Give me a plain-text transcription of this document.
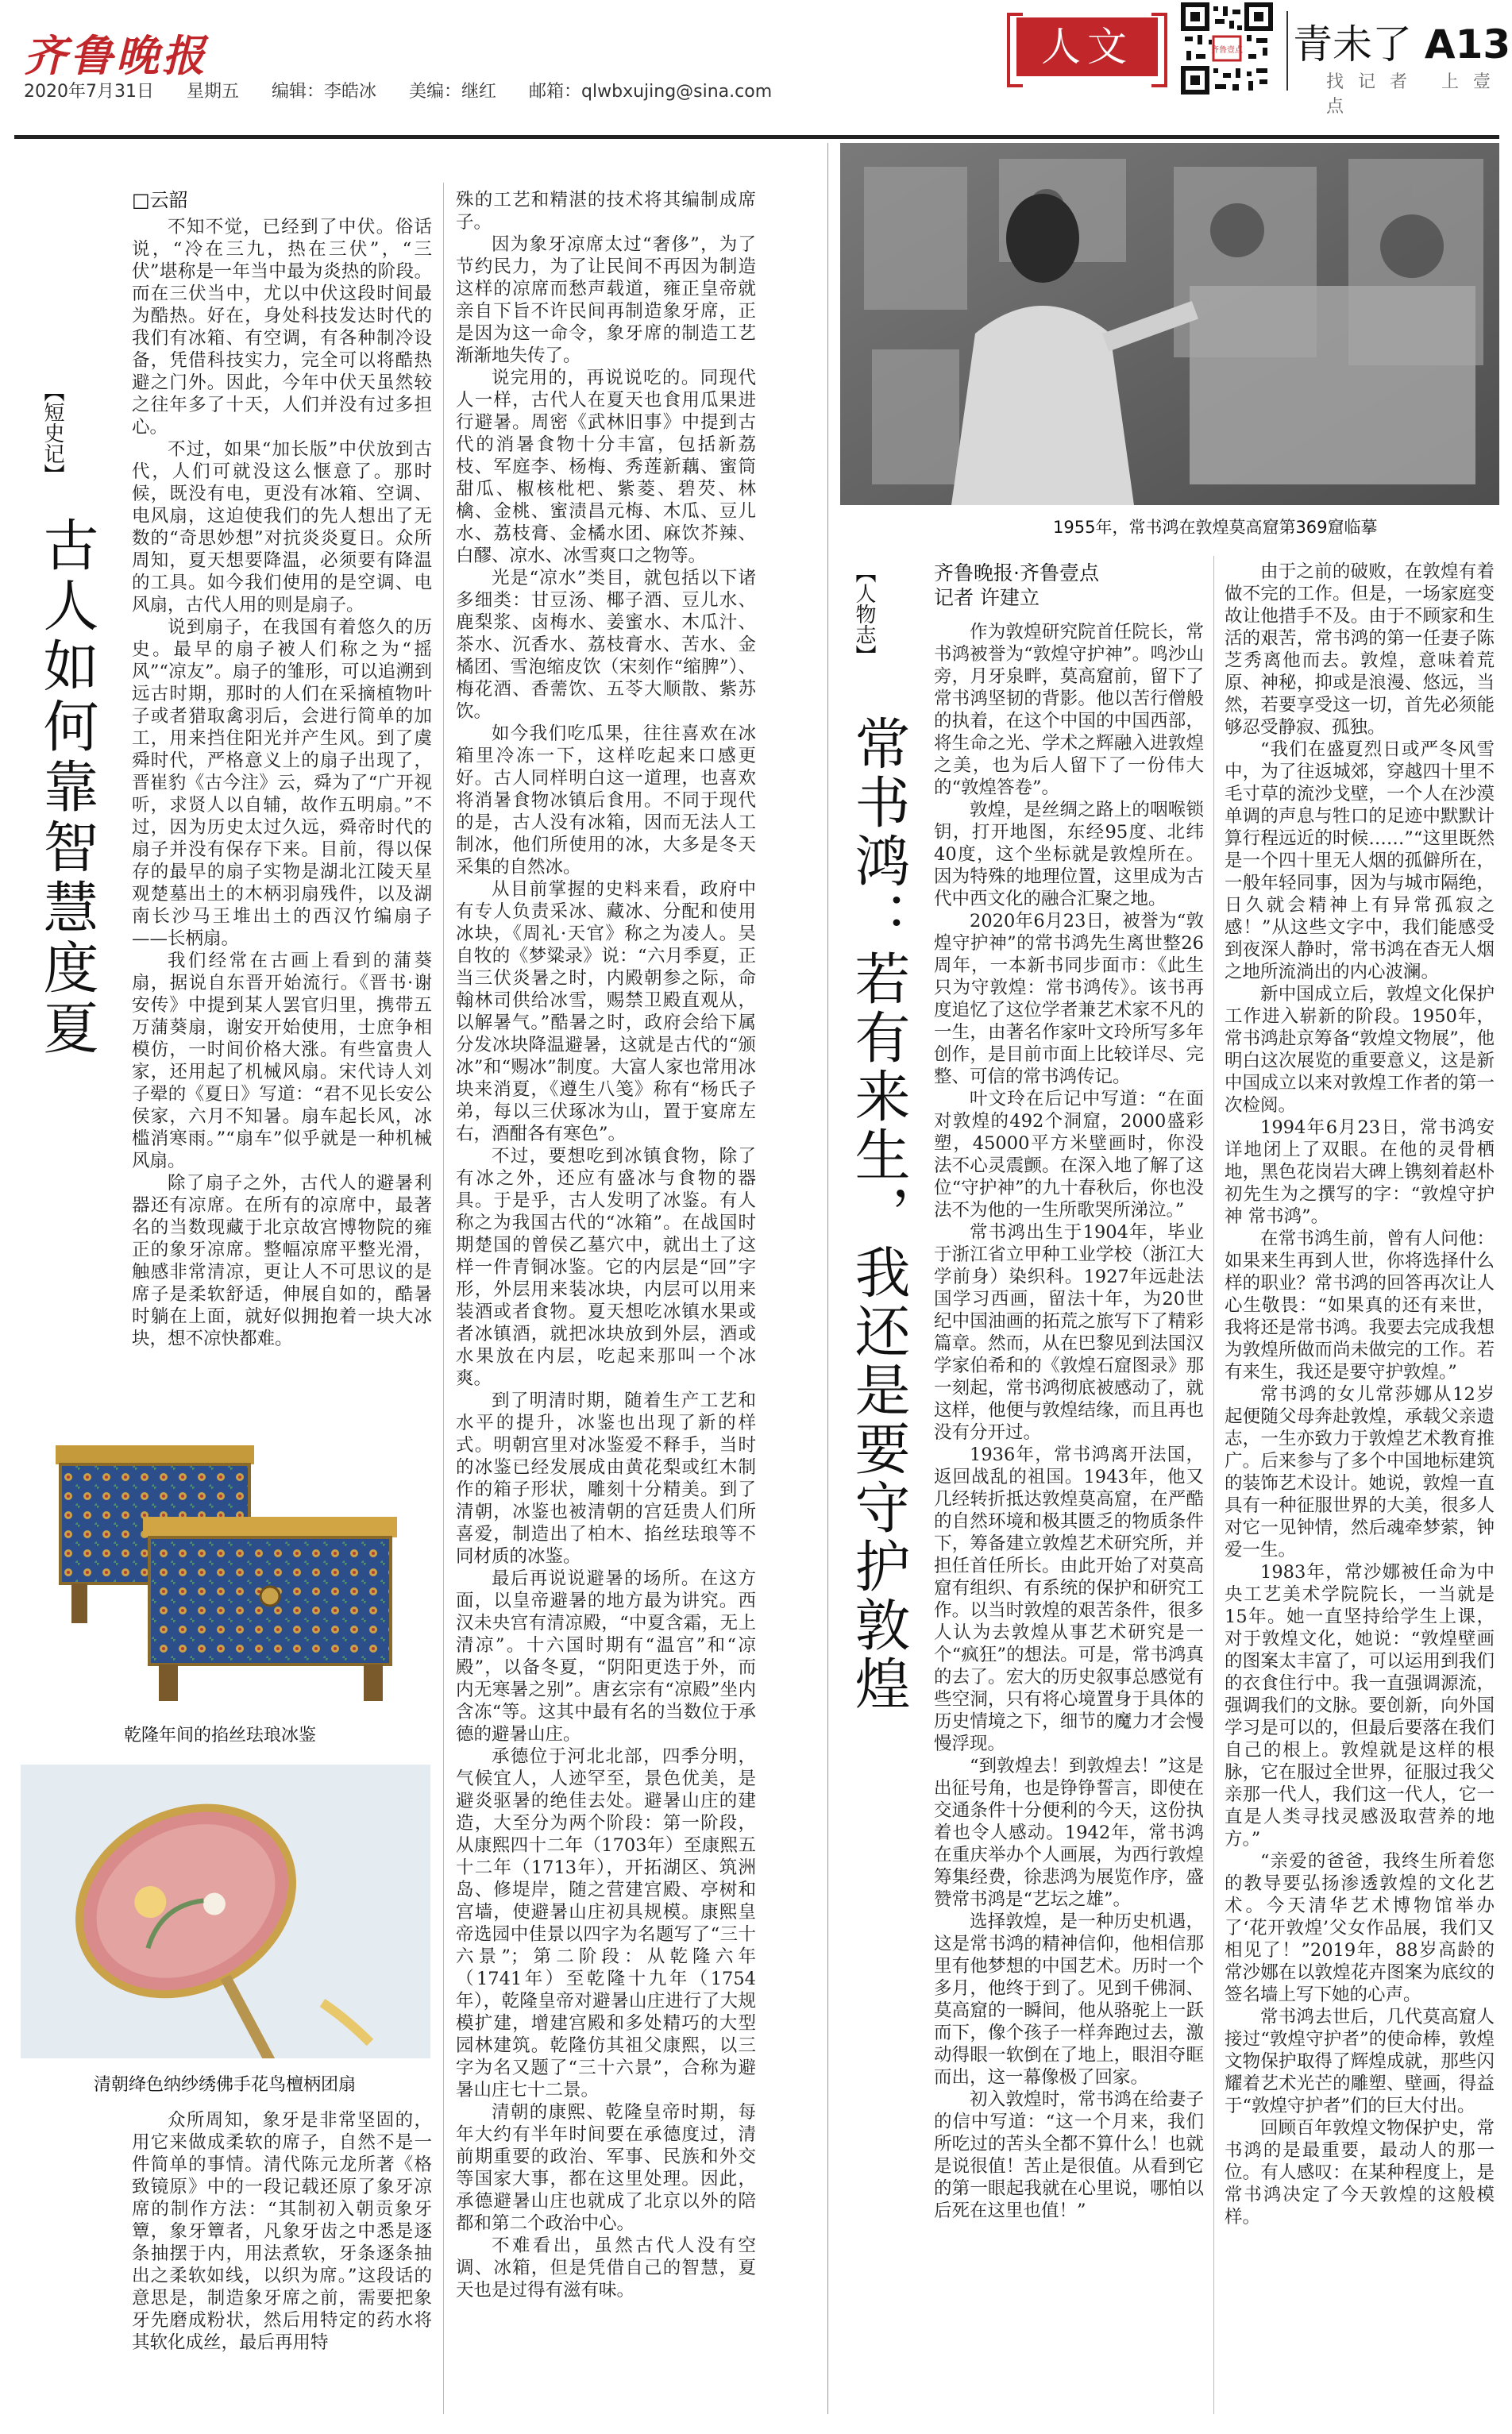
齐鲁晚报
2020年7月31日 星期五 编辑：李皓冰 美编：继红 邮箱：qlwbxujing@sina.com
人文	齐鲁壹点 青未了 A13
找记者 上壹点
【短史记】
古人如何靠智慧度夏
□云韶

不知不觉，已经到了中伏。俗话说，“冷在三九，热在三伏”，“三伏”堪称是一年当中最为炎热的阶段。而在三伏当中，尤以中伏这段时间最为酷热。好在，身处科技发达时代的我们有冰箱、有空调，有各种制冷设备，凭借科技实力，完全可以将酷热避之门外。因此，今年中伏天虽然较之往年多了十天，人们并没有过多担心。

不过，如果“加长版”中伏放到古代，人们可就没这么惬意了。那时候，既没有电，更没有冰箱、空调、电风扇，这迫使我们的先人想出了无数的“奇思妙想”对抗炎炎夏日。众所周知，夏天想要降温，必须要有降温的工具。如今我们使用的是空调、电风扇，古代人用的则是扇子。

说到扇子，在我国有着悠久的历史。最早的扇子被人们称之为“摇风”“凉友”。扇子的雏形，可以追溯到远古时期，那时的人们在采摘植物叶子或者猎取禽羽后，会进行简单的加工，用来挡住阳光并产生风。到了虞舜时代，严格意义上的扇子出现了，晋崔豹《古今注》云，舜为了“广开视听，求贤人以自辅，故作五明扇。”不过，因为历史太过久远，舜帝时代的扇子并没有保存下来。目前，得以保存的最早的扇子实物是湖北江陵天星观楚墓出土的木柄羽扇残件，以及湖南长沙马王堆出土的西汉竹编扇子——长柄扇。

我们经常在古画上看到的蒲葵扇，据说自东晋开始流行。《晋书·谢安传》中提到某人罢官归里，携带五万蒲葵扇，谢安开始使用，士庶争相模仿，一时间价格大涨。有些富贵人家，还用起了机械风扇。宋代诗人刘子翚的《夏日》写道：“君不见长安公侯家，六月不知暑。扇车起长风，冰槛消寒雨。”“扇车”似乎就是一种机械风扇。

除了扇子之外，古代人的避暑利器还有凉席。在所有的凉席中，最著名的当数现藏于北京故宫博物院的雍正的象牙凉席。整幅凉席平整光滑，触感非常清凉，更让人不可思议的是席子是柔软舒适，伸展自如的，酷暑时躺在上面，就好似拥抱着一块大冰块，想不凉快都难。

乾隆年间的掐丝珐琅冰鉴
清朝绛色纳纱绣佛手花鸟檀柄团扇

众所周知，象牙是非常坚固的，用它来做成柔软的席子，自然不是一件简单的事情。清代陈元龙所著《格致镜原》中的一段记载还原了象牙凉席的制作方法：“其制初入朝贡象牙簟，象牙簟者，凡象牙齿之中悉是逐条抽摆于内，用法煮软，牙条逐条抽出之柔软如线，以织为席。”这段话的意思是，制造象牙席之前，需要把象牙先磨成粉状，然后用特定的药水将其软化成丝，最后再用特

殊的工艺和精湛的技术将其编制成席子。

因为象牙凉席太过“奢侈”，为了节约民力，为了让民间不再因为制造这样的凉席而愁声载道，雍正皇帝就亲自下旨不许民间再制造象牙席，正是因为这一命令，象牙席的制造工艺渐渐地失传了。

说完用的，再说说吃的。同现代人一样，古代人在夏天也食用瓜果进行避暑。周密《武林旧事》中提到古代的消暑食物十分丰富，包括新荔枝、军庭李、杨梅、秀莲新藕、蜜筒甜瓜、椒核枇杷、紫菱、碧芡、林檎、金桃、蜜渍昌元梅、木瓜、豆儿水、荔枝膏、金橘水团、麻饮芥辣、白醪、凉水、冰雪爽口之物等。

光是“凉水”类目，就包括以下诸多细类：甘豆汤、椰子酒、豆儿水、鹿梨浆、卤梅水、姜蜜水、木瓜汁、茶水、沉香水、荔枝膏水、苦水、金橘团、雪泡缩皮饮（宋刻作“缩脾”）、梅花酒、香薷饮、五苓大顺散、紫苏饮。

如今我们吃瓜果，往往喜欢在冰箱里冷冻一下，这样吃起来口感更好。古人同样明白这一道理，也喜欢将消暑食物冰镇后食用。不同于现代的是，古人没有冰箱，因而无法人工制冰，他们所使用的冰，大多是冬天采集的自然冰。

从目前掌握的史料来看，政府中有专人负责采冰、藏冰、分配和使用冰块，《周礼·天官》称之为凌人。吴自牧的《梦粱录》说：“六月季夏，正当三伏炎暑之时，内殿朝参之际，命翰林司供给冰雪，赐禁卫殿直观从，以解暑气。”酷暑之时，政府会给下属分发冰块降温避暑，这就是古代的“颁冰”和“赐冰”制度。大富人家也常用冰块来消夏，《遵生八笺》称有“杨氏子弟，每以三伏琢冰为山，置于宴席左右，酒酣各有寒色”。

不过，要想吃到冰镇食物，除了有冰之外，还应有盛冰与食物的器具。于是乎，古人发明了冰鉴。有人称之为我国古代的“冰箱”。在战国时期楚国的曾侯乙墓穴中，就出土了这样一件青铜冰鉴。它的内层是“回”字形，外层用来装冰块，内层可以用来装酒或者食物。夏天想吃冰镇水果或者冰镇酒，就把冰块放到外层，酒或水果放在内层，吃起来那叫一个冰爽。

到了明清时期，随着生产工艺和水平的提升，冰鉴也出现了新的样式。明朝宫里对冰鉴爱不释手，当时的冰鉴已经发展成由黄花梨或红木制作的箱子形状，雕刻十分精美。到了清朝，冰鉴也被清朝的宫廷贵人们所喜爱，制造出了柏木、掐丝珐琅等不同材质的冰鉴。

最后再说说避暑的场所。在这方面，以皇帝避暑的地方最为讲究。西汉未央宫有清凉殿，“中夏含霜，无上清凉”。十六国时期有“温宫”和“凉殿”，以备冬夏，“阴阳更迭于外，而内无寒暑之别”。唐玄宗有“凉殿”坐内含冻“等。这其中最有名的当数位于承德的避暑山庄。

承德位于河北北部，四季分明，气候宜人，人迹罕至，景色优美，是避炎驱暑的绝佳去处。避暑山庄的建造，大至分为两个阶段：第一阶段，从康熙四十二年（1703年）至康熙五十二年（1713年），开拓湖区、筑洲岛、修堤岸，随之营建宫殿、亭树和宫墙，使避暑山庄初具规模。康熙皇帝选园中佳景以四字为名题写了“三十六景”；第二阶段：从乾隆六年（1741年）至乾隆十九年（1754年），乾隆皇帝对避暑山庄进行了大规模扩建，增建宫殿和多处精巧的大型园林建筑。乾隆仿其祖父康熙，以三字为名又题了“三十六景”，合称为避暑山庄七十二景。

清朝的康熙、乾隆皇帝时期，每年大约有半年时间要在承德度过，清前期重要的政治、军事、民族和外交等国家大事，都在这里处理。因此，承德避暑山庄也就成了北京以外的陪都和第二个政治中心。

不难看出，虽然古代人没有空调、冰箱，但是凭借自己的智慧，夏天也是过得有滋有味。

1955年，常书鸿在敦煌莫高窟第369窟临摹
【人物志】
常书鸿：若有来生，我还是要守护敦煌
齐鲁晚报·齐鲁壹点
记者 许建立

作为敦煌研究院首任院长，常书鸿被誉为“敦煌守护神”。鸣沙山旁，月牙泉畔，莫高窟前，留下了常书鸿坚韧的背影。他以苦行僧般的执着，在这个中国的中国西部，将生命之光、学术之辉融入进敦煌之美，也为后人留下了一份伟大的“敦煌答卷”。

敦煌，是丝绸之路上的咽喉锁钥，打开地图，东经95度、北纬40度，这个坐标就是敦煌所在。因为特殊的地理位置，这里成为古代中西文化的融合汇聚之地。

2020年6月23日，被誉为“敦煌守护神”的常书鸿先生离世整26周年，一本新书同步面市：《此生只为守敦煌：常书鸿传》。该书再度追忆了这位学者兼艺术家不凡的一生，由著名作家叶文玲所写多年创作，是目前市面上比较详尽、完整、可信的常书鸿传记。

叶文玲在后记中写道：“在面对敦煌的492个洞窟，2000盛彩塑，45000平方米壁画时，你没法不心灵震颤。在深入地了解了这位“守护神”的九十春秋后，你也没法不为他的一生所歌哭所涕泣。”

常书鸿出生于1904年，毕业于浙江省立甲种工业学校（浙江大学前身）染织科。1927年远赴法国学习西画，留法十年，为20世纪中国油画的拓荒之旅写下了精彩篇章。然而，从在巴黎见到法国汉学家伯希和的《敦煌石窟图录》那一刻起，常书鸿彻底被感动了，就这样，他便与敦煌结缘，而且再也没有分开过。

1936年，常书鸿离开法国，返回战乱的祖国。1943年，他又几经转折抵达敦煌莫高窟，在严酷的自然环境和极其匮乏的物质条件下，筹备建立敦煌艺术研究所，并担任首任所长。由此开始了对莫高窟有组织、有系统的保护和研究工作。以当时敦煌的艰苦条件，很多人认为去敦煌从事艺术研究是一个“疯狂”的想法。可是，常书鸿真的去了。宏大的历史叙事总感觉有些空洞，只有将心境置身于具体的历史情境之下，细节的魔力才会慢慢浮现。

“到敦煌去！到敦煌去！”这是出征号角，也是铮铮誓言，即使在交通条件十分便利的今天，这份执着也令人感动。1942年，常书鸿在重庆举办个人画展，为西行敦煌筹集经费，徐悲鸿为展览作序，盛赞常书鸿是“艺坛之雄”。

选择敦煌，是一种历史机遇，这是常书鸿的精神信仰，他相信那里有他梦想的中国艺术。历时一个多月，他终于到了。见到千佛洞、莫高窟的一瞬间，他从骆驼上一跃而下，像个孩子一样奔跑过去，激动得眼一软倒在了地上，眼泪夺眶而出，这一幕像极了回家。

初入敦煌时，常书鸿在给妻子的信中写道：“这一个月来，我们所吃过的苦头全都不算什么！也就是说很值！苦止是很值。从看到它的第一眼起我就在心里说，哪怕以后死在这里也值！”

由于之前的破败，在敦煌有着做不完的工作。但是，一场家庭变故让他措手不及。由于不顾家和生活的艰苦，常书鸿的第一任妻子陈芝秀离他而去。敦煌，意味着荒原、神秘，抑或是浪漫、悠远，当然，若要享受这一切，首先必须能够忍受静寂、孤独。

“我们在盛夏烈日或严冬风雪中，为了往返城郊，穿越四十里不毛寸草的流沙戈壁，一个人在沙漠单调的声息与牲口的足迹中默默计算行程远近的时候……”“这里既然是一个四十里无人烟的孤僻所在，一般年轻同事，因为与城市隔绝，日久就会精神上有异常孤寂之感！”从这些文字中，我们能感受到夜深人静时，常书鸿在杳无人烟之地所流淌出的内心波澜。

新中国成立后，敦煌文化保护工作进入崭新的阶段。1950年，常书鸿赴京筹备“敦煌文物展”，他明白这次展览的重要意义，这是新中国成立以来对敦煌工作者的第一次检阅。

1994年6月23日，常书鸿安详地闭上了双眼。在他的灵骨栖地，黑色花岗岩大碑上镌刻着赵朴初先生为之撰写的字：“敦煌守护神 常书鸿”。

在常书鸿生前，曾有人问他：如果来生再到人世，你将选择什么样的职业？常书鸿的回答再次让人心生敬畏：“如果真的还有来世，我将还是常书鸿。我要去完成我想为敦煌所做而尚未做完的工作。若有来生，我还是要守护敦煌。”

常书鸿的女儿常莎娜从12岁起便随父母奔赴敦煌，承载父亲遗志，一生亦致力于敦煌艺术教育推广。后来参与了多个中国地标建筑的装饰艺术设计。她说，敦煌一直具有一种征服世界的大美，很多人对它一见钟情，然后魂牵梦萦，钟爱一生。

1983年，常沙娜被任命为中央工艺美术学院院长，一当就是15年。她一直坚持给学生上课，对于敦煌文化，她说：“敦煌壁画的图案太丰富了，可以运用到我们的衣食住行中。我一直强调源流，强调我们的文脉。要创新，向外国学习是可以的，但最后要落在我们自己的根上。敦煌就是这样的根脉，它在服过全世界，征服过我父亲那一代人，我们这一代人，它一直是人类寻找灵感汲取营养的地方。”

“亲爱的爸爸，我终生所着您的教导要弘扬渗透敦煌的文化艺术。今天清华艺术博物馆举办了‘花开敦煌’父女作品展，我们又相见了！”2019年，88岁高龄的常沙娜在以敦煌花卉图案为底纹的签名墙上写下她的心声。

常书鸿去世后，几代莫高窟人接过“敦煌守护者”的使命棒，敦煌文物保护取得了辉煌成就，那些闪耀着艺术光芒的雕塑、壁画，得益于“敦煌守护者”们的巨大付出。

回顾百年敦煌文物保护史，常书鸿的是最重要，最动人的那一位。有人感叹：在某种程度上，是常书鸿决定了今天敦煌的这般模样。
